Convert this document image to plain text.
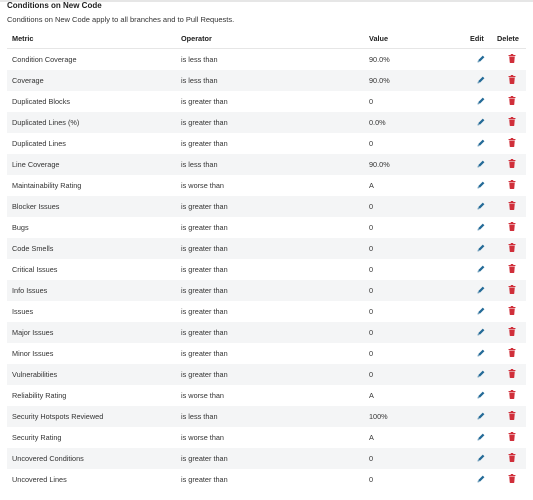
Conditions on New Code
Conditions on New Code apply to all branches and to Pull Requests.
Metric	Operator	Value	Edit	Delete
Condition Coverage	is less than	90.0%	

Coverage	is less than	90.0%	

Duplicated Blocks	is greater than	0	

Duplicated Lines (%)	is greater than	0.0%	

Duplicated Lines	is greater than	0	

Line Coverage	is less than	90.0%	

Maintainability Rating	is worse than	A	

Blocker Issues	is greater than	0	

Bugs	is greater than	0	

Code Smells	is greater than	0	

Critical Issues	is greater than	0	

Info Issues	is greater than	0	

Issues	is greater than	0	

Major Issues	is greater than	0	

Minor Issues	is greater than	0	

Vulnerabilities	is greater than	0	

Reliability Rating	is worse than	A	

Security Hotspots Reviewed	is less than	100%	

Security Rating	is worse than	A	

Uncovered Conditions	is greater than	0	

Uncovered Lines	is greater than	0	
